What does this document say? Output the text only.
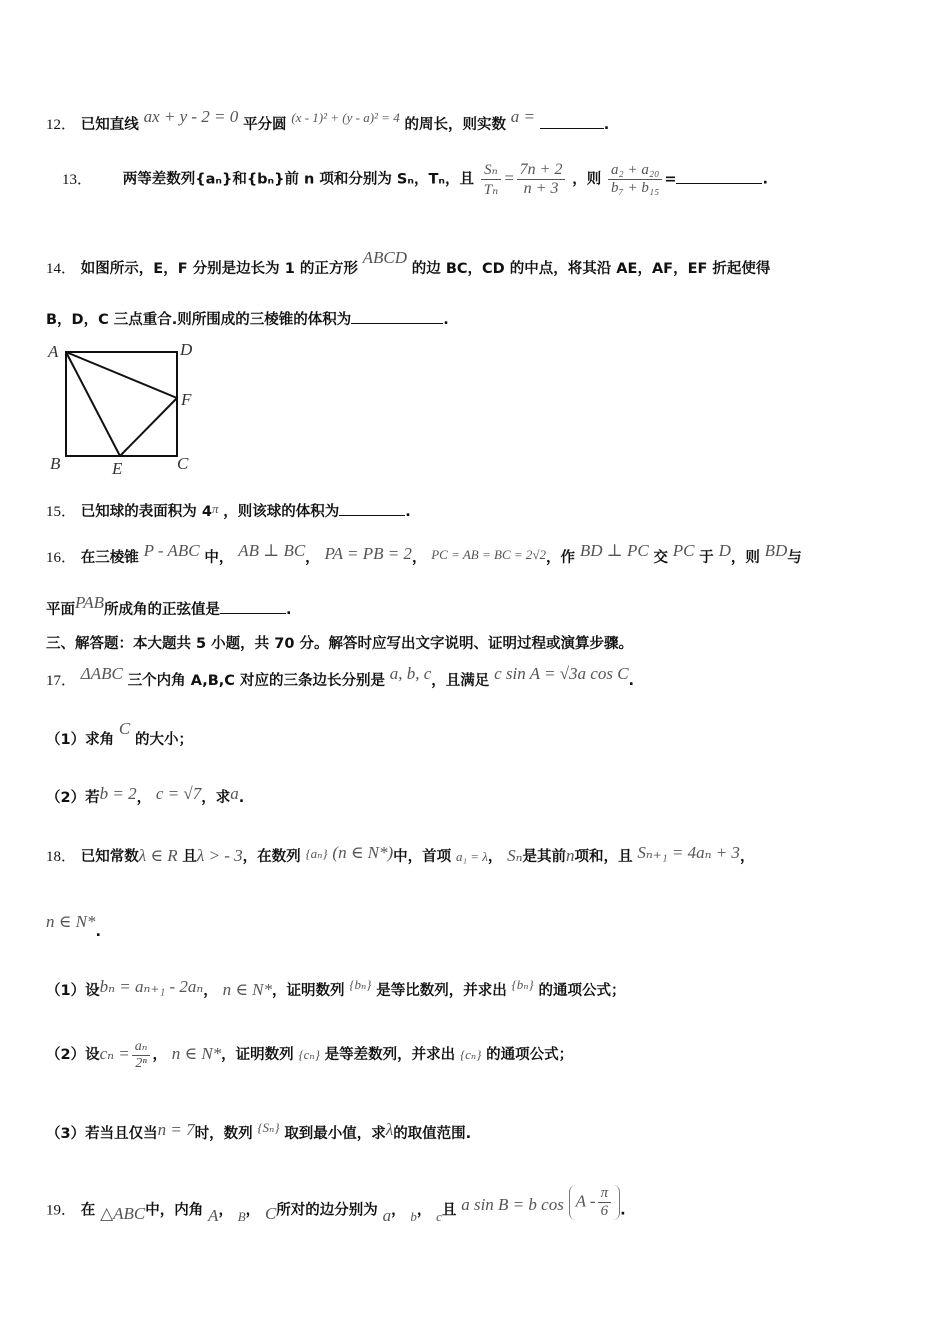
12． 已知直线 ax + y - 2 = 0 平分圆 (x - 1)² + (y - a)² = 4 的周长，则实数 a =	.
13． 两等差数列{aₙ}和{bₙ}前 n 项和分别为 Sₙ，Tₙ，且 $\frac{\text{Sₙ}}{\text{Tₙ}} = \frac{7n + 2}{n + 3}$ ，则 $\frac{\text{a₂ + a₂₀}}{\text{b₇ + b₁₅}}$ =	.
14． 如图所示，E，F 分别是边长为 1 的正方形 ABCD 的边 BC，CD 的中点，将其沿 AE，AF，EF 折起使得
B，D，C 三点重合.则所围成的三棱锥的体积为	.
A	D
F
B	E	C
15． 已知球的表面积为 4π ，则该球的体积为	.
16． 在三棱锥 P - ABC 中， AB ⊥ BC， PA = PB = 2， PC = AB = BC = 2√2，作 BD ⊥ PC 交 PC 于 D，则 BD与
平面PAB所成角的正弦值是	.
三、解答题：本大题共 5 小题，共 70 分。解答时应写出文字说明、证明过程或演算步骤。
17． ΔABC 三个内角 A,B,C 对应的三条边长分别是 a, b, c，且满足 c sin A = √3a cos C.
（1）求角 C 的大小；
（2）若b = 2， c = √7，求a.
18． 已知常数λ ∈ R 且λ > - 3，在数列 {aₙ} (n ∈ N*)中，首项 a₁ = λ， Sₙ是其前n项和，且 Sₙ₊₁ = 4aₙ + 3，
n ∈ N*.
（1）设bₙ = aₙ₊₁ - 2aₙ， n ∈ N*，证明数列 {bₙ} 是等比数列，并求出 {bₙ} 的通项公式；
（2）设$c_n = \frac{\text{aₙ}}{\text{2ⁿ}}$ ， n ∈ N*，证明数列 {cₙ} 是等差数列，并求出 {cₙ} 的通项公式；
（3）若当且仅当n = 7时，数列 {Sₙ} 取到最小值，求λ的取值范围.
19． 在 △ABC中，内角 A， B， C所对的边分别为 a， b， c且 a sin B = b cos A - $\frac{\pi}{6}$ .
